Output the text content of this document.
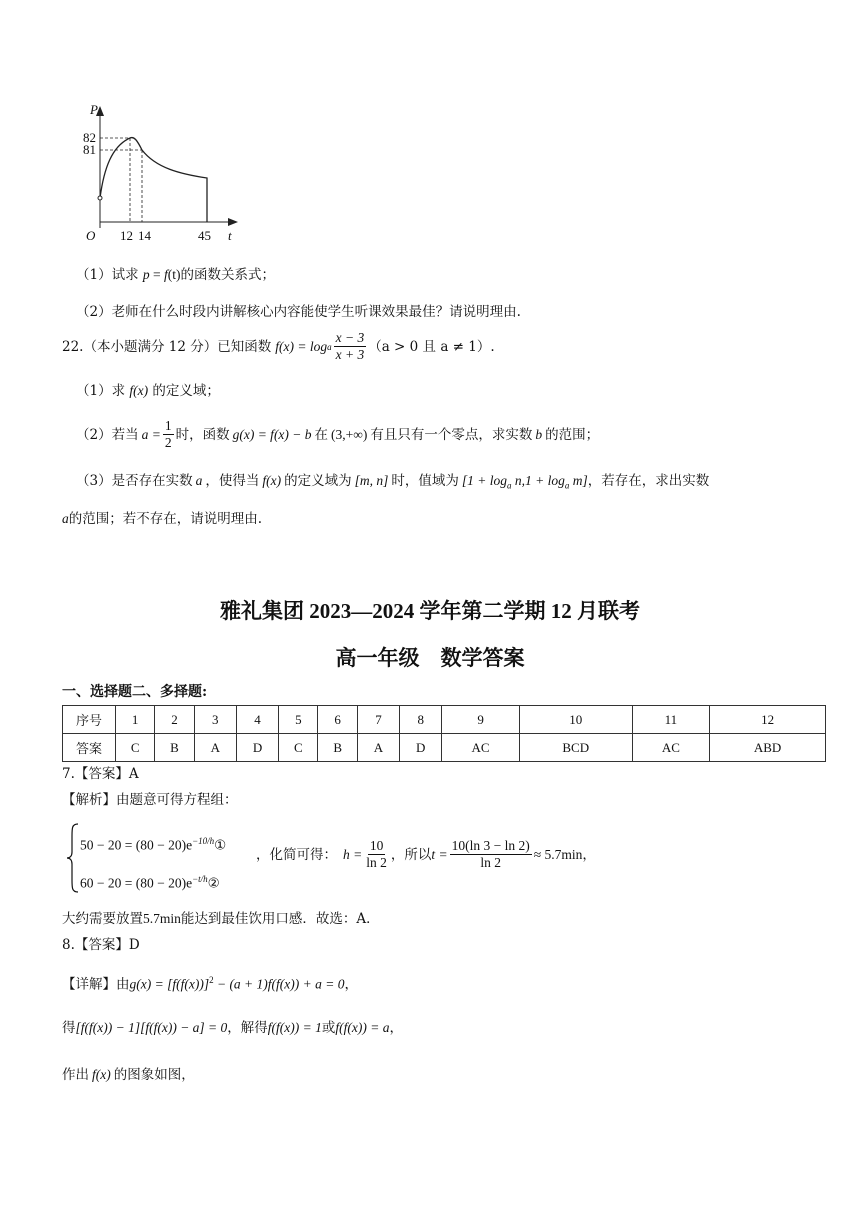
P
t
O
82
81
12 14	45
（1）试求 p = f(t)的函数关系式；
（2）老师在什么时段内讲解核心内容能使学生听课效果最佳？请说明理由.
22.（本小题满分 12 分）已知函数 f(x) = log a $\frac{x - 3}{x + 3} (a > 0$ 且 a ≠ 1）.
（1）求 f(x) 的定义域；
（2）若当 $a = \frac{1}{2}$ 时，函数 g(x) = f(x) − b 在 (3,+∞) 有且只有一个零点，求实数 b 的范围；
（3）是否存在实数 a ，使得当 f(x) 的定义域为 [m, n] 时，值域为 $[1 + \log_a n,1 + \log_a m]$，若存在，求出实数
a的范围；若不存在，请说明理由.
雅礼集团 2023—2024 学年第二学期 12 月联考
高一年级　数学答案
一、选择题二、多择题:
序号	1	2	3	4	5	6	7	8	9	10	11	12
答案	C	B	A	D	C	B	A	D	AC	BCD	AC	ABD
7.【答案】A
【解析】由题意可得方程组：
$50 - 20 = (80 - 20)e^{-10/h}①$
$60 - 20 = (80 - 20)e^{-t/h}②$
，化简可得： $h = \frac{10}{\ln 2}$ ，所以 $t = \frac{10(\ln 3 - \ln 2)}{\ln 2} \approx 5.7\min$ ，
大约需要放置5.7min能达到最佳饮用口感．故选：A．
8.【答案】D
【详解】由$g(x) = [f(f(x))]^2 - (a + 1)f(f(x)) + a = 0$，
得[f(f(x)) − 1][f(f(x)) − a] = 0，解得f(f(x)) = 1或f(f(x)) = a，
作出 f(x) 的图象如图，
